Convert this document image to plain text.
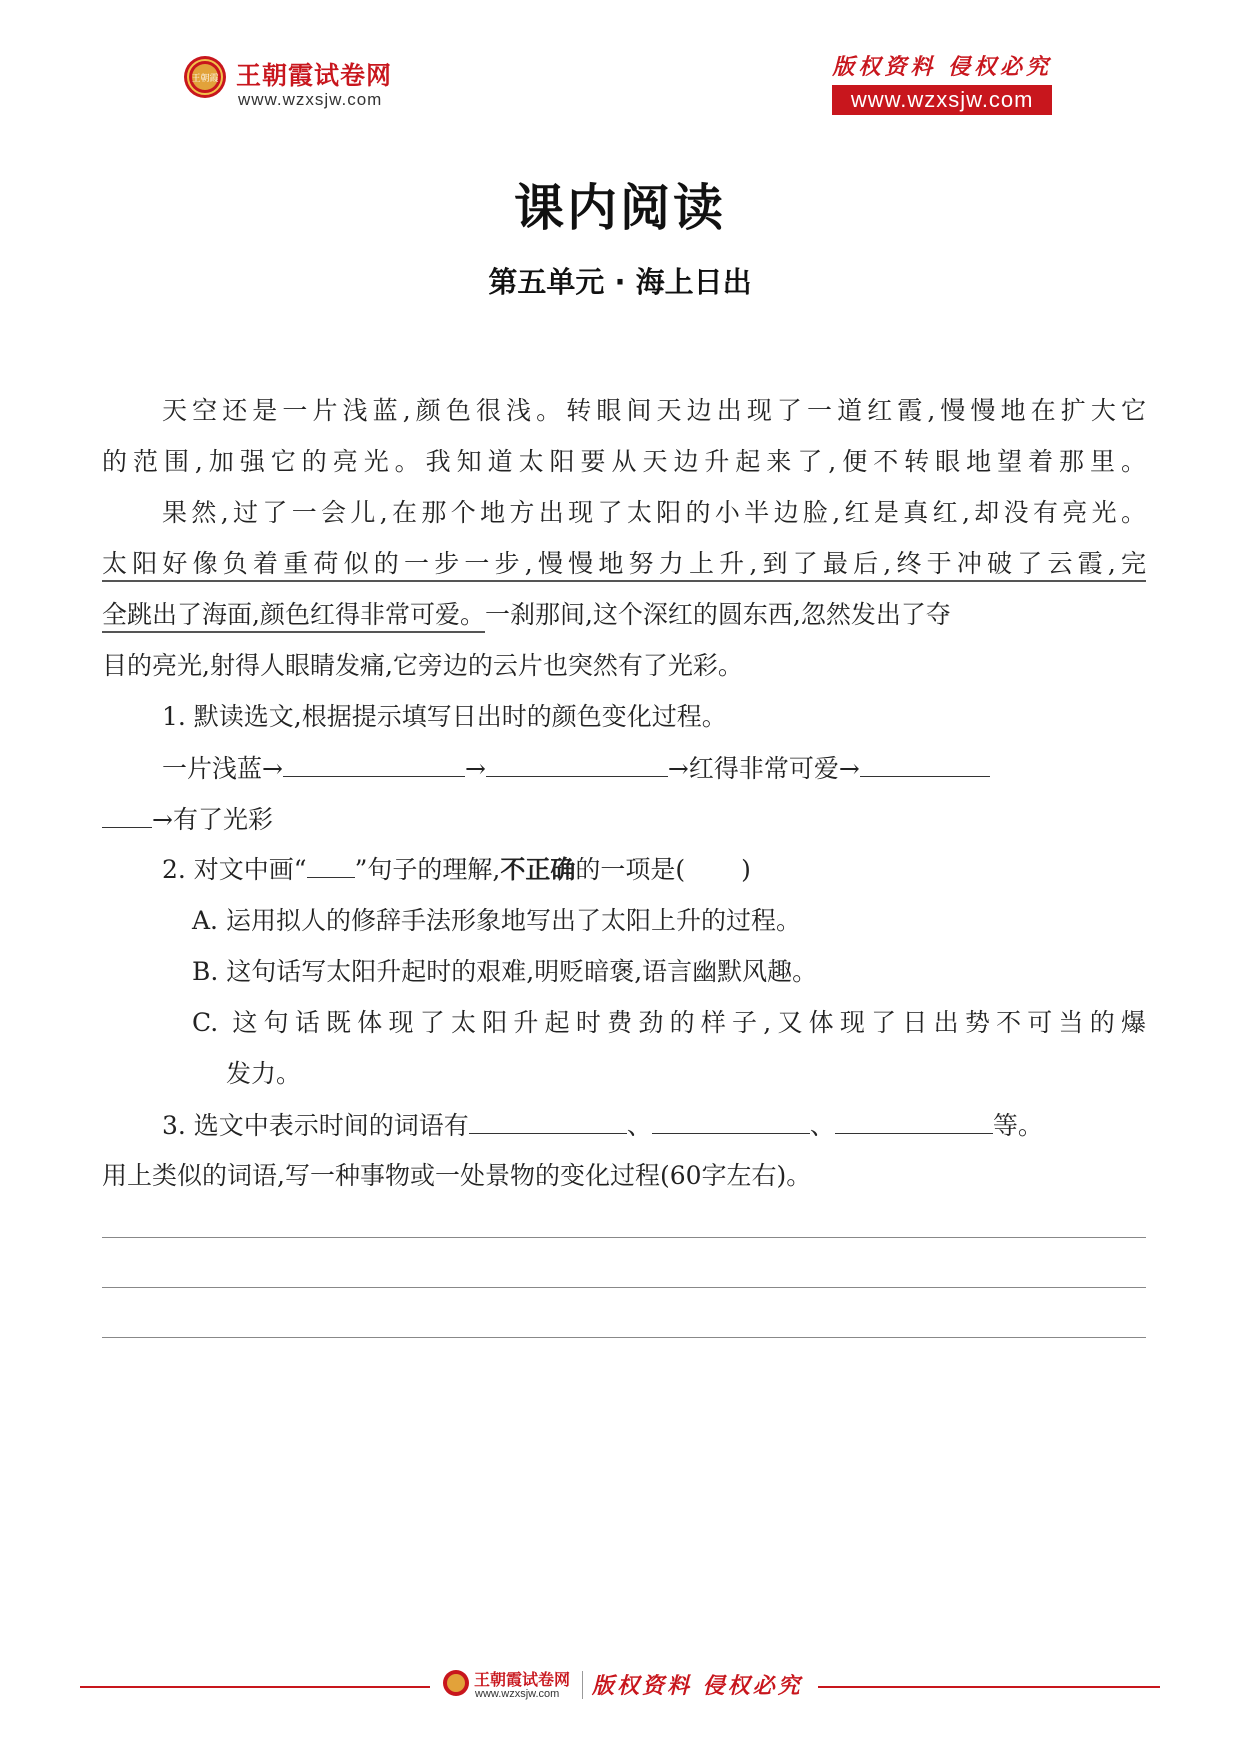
王朝霞 王朝霞试卷网
www.wzxsjw.com
版权资料 侵权必究
www.wzxsjw.com
课内阅读
第五单元 · 海上日出
天空还是一片浅蓝,颜色很浅。转眼间天边出现了一道红霞,慢慢地在扩大它
的范围,加强它的亮光。我知道太阳要从天边升起来了,便不转眼地望着那里。
果然,过了一会儿,在那个地方出现了太阳的小半边脸,红是真红,却没有亮光。
太阳好像负着重荷似的一步一步,慢慢地努力上升,到了最后,终于冲破了云霞,完
全跳出了海面,颜色红得非常可爱。一刹那间,这个深红的圆东西,忽然发出了夺
目的亮光,射得人眼睛发痛,它旁边的云片也突然有了光彩。
1. 默读选文,根据提示填写日出时的颜色变化过程。
一片浅蓝→	→	→红得非常可爱→
→有了光彩
2. 对文中画“ ”句子的理解,不正确的一项是( )
A. 运用拟人的修辞手法形象地写出了太阳上升的过程。
B. 这句话写太阳升起时的艰难,明贬暗褒,语言幽默风趣。
C. 这句话既体现了太阳升起时费劲的样子,又体现了日出势不可当的爆
发力。
3. 选文中表示时间的词语有	、	、	等。
用上类似的词语,写一种事物或一处景物的变化过程(60字左右)。
王朝霞试卷网
www.wzxsjw.com 版权资料 侵权必究
